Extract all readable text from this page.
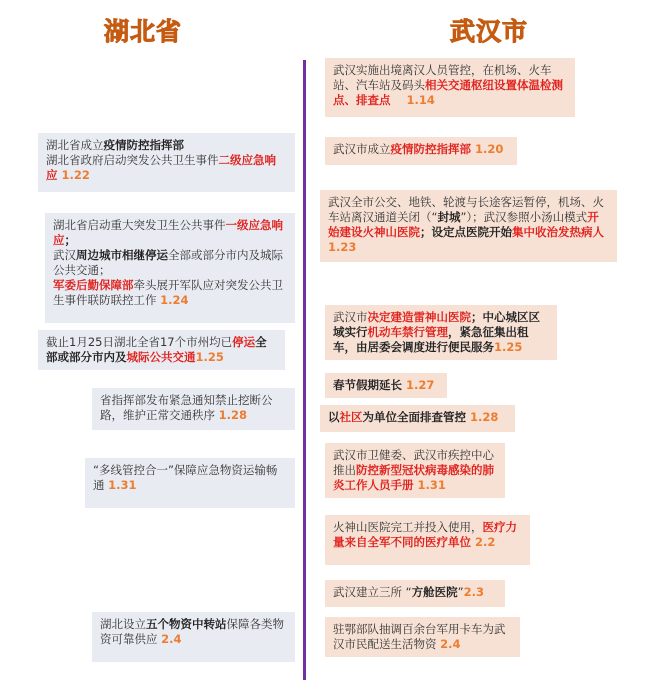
湖北省	武汉市
湖北省成立疫情防控指挥部
湖北省政府启动突发公共卫生事件二级应急响应 1.22
湖北省启动重大突发卫生公共事件一级应急响应；
武汉周边城市相继停运全部或部分市内及城际公共交通；
军委后勤保障部牵头展开军队应对突发公共卫生事件联防联控工作 1.24
截止1月25日湖北全省17个市州均已停运全部或部分市内及城际公共交通1.25
省指挥部发布紧急通知禁止挖断公路，维护正常交通秩序 1.28
“多线管控合一”保障应急物资运输畅通 1.31
湖北设立五个物资中转站保障各类物资可靠供应 2.4
武汉实施出境离汉人员管控，在机场、火车站、汽车站及码头相关交通枢纽设置体温检测点、排查点    1.14
武汉市成立疫情防控指挥部 1.20
武汉全市公交、地铁、轮渡与长途客运暂停，机场、火车站离汉通道关闭（“封城”）；武汉参照小汤山模式开始建设火神山医院；设定点医院开始集中收治发热病人1.23
武汉市决定建造雷神山医院；中心城区区域实行机动车禁行管理，紧急征集出租车，由居委会调度进行便民服务1.25
春节假期延长 1.27
以社区为单位全面排查管控 1.28
武汉市卫健委、武汉市疾控中心推出防控新型冠状病毒感染的肺炎工作人员手册 1.31
火神山医院完工并投入使用，医疗力量来自全军不同的医疗单位 2.2
武汉建立三所 “方舱医院”2.3
驻鄂部队抽调百余台军用卡车为武汉市民配送生活物资 2.4
